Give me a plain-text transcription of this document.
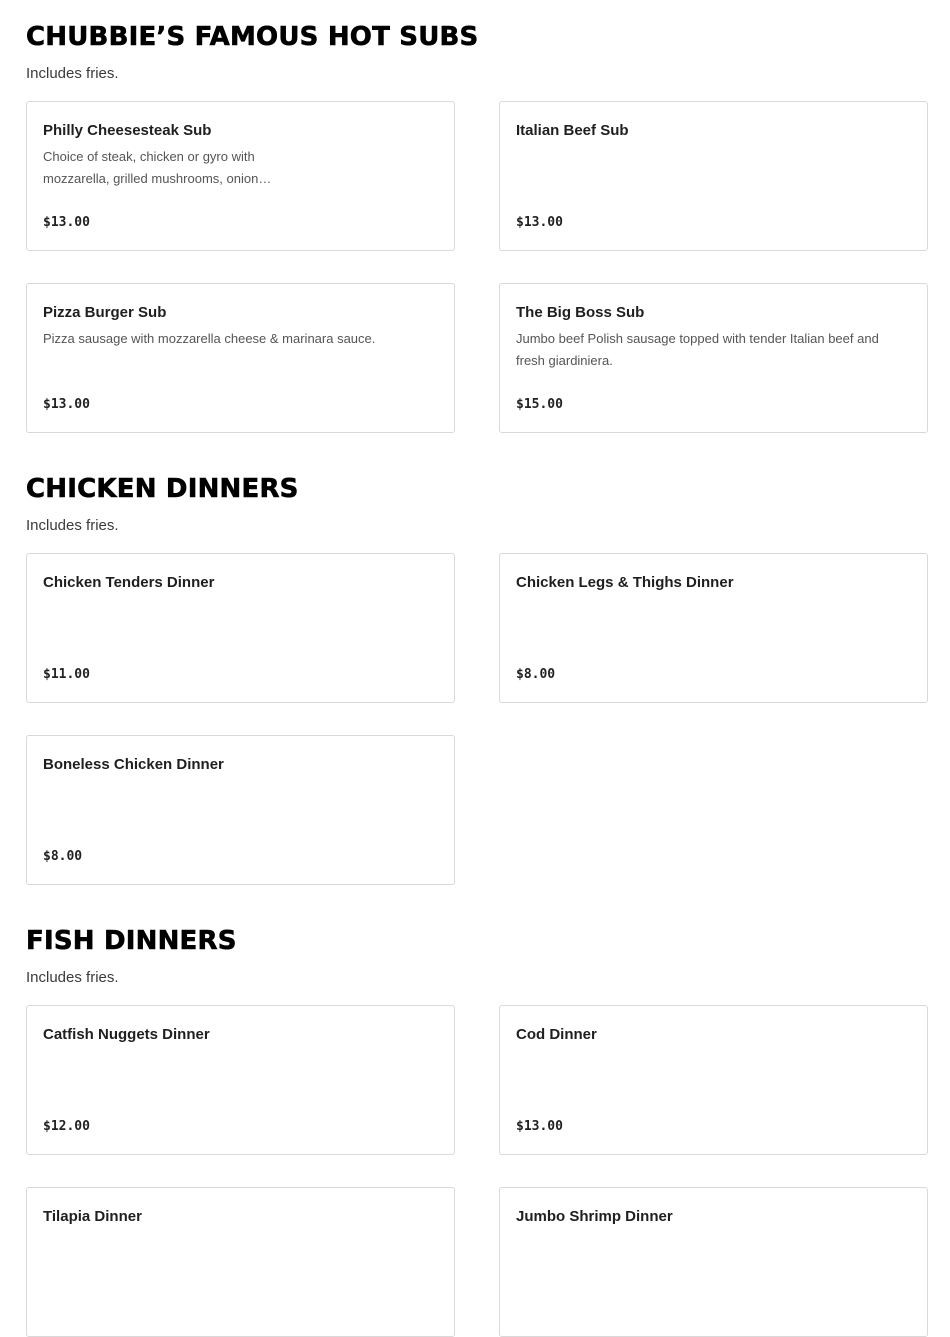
CHUBBIE’S FAMOUS HOT SUBS

Includes fries.

Philly Cheesesteak Sub
Choice of steak, chicken or gyro with mozzarella, grilled mushrooms, onion…
$13.00
Italian Beef Sub
$13.00
Pizza Burger Sub
Pizza sausage with mozzarella cheese & marinara sauce.
$13.00
The Big Boss Sub
Jumbo beef Polish sausage topped with tender Italian beef and fresh giardiniera.
$15.00
CHICKEN DINNERS

Includes fries.

Chicken Tenders Dinner
$11.00
Chicken Legs & Thighs Dinner
$8.00
Boneless Chicken Dinner
$8.00
FISH DINNERS

Includes fries.

Catfish Nuggets Dinner
$12.00
Cod Dinner
$13.00
Tilapia Dinner	Jumbo Shrimp Dinner
